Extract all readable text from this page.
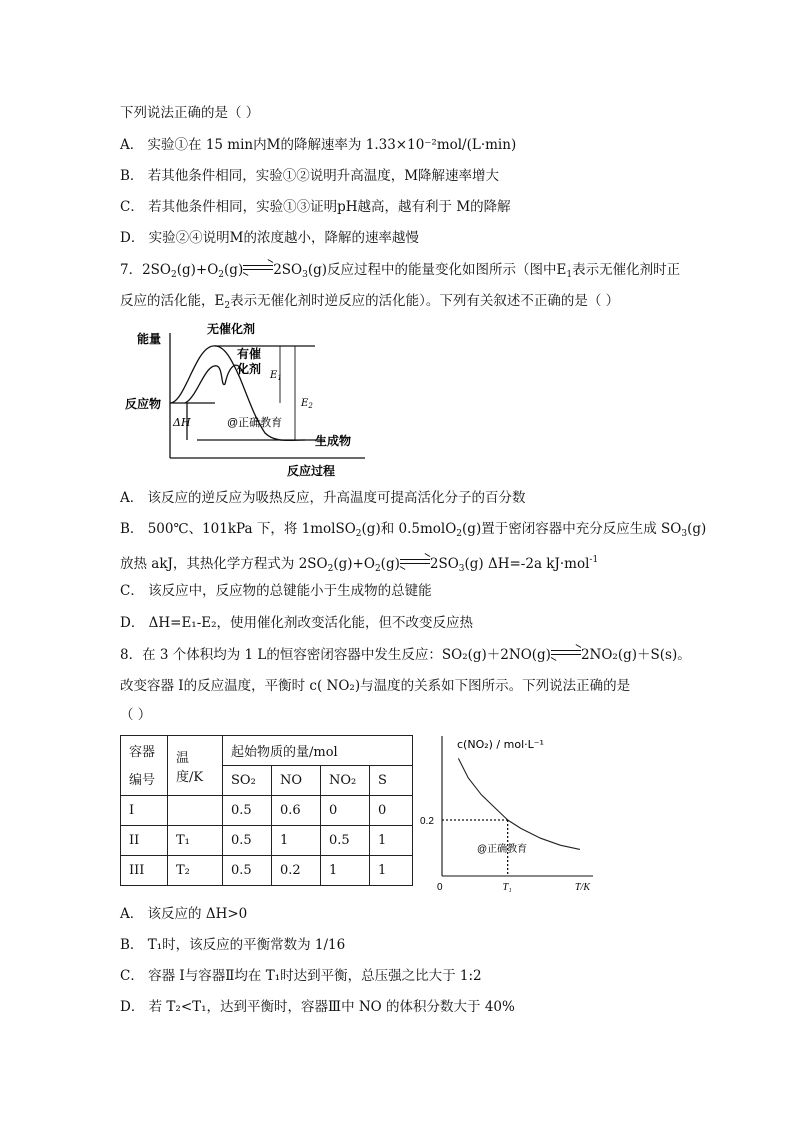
下列说法正确的是（ ）
A． 实验①在 15 min内M的降解速率为 1.33×10⁻²mol/(L·min)
B． 若其他条件相同，实验①②说明升高温度，M降解速率增大
C． 若其他条件相同，实验①③证明pH越高，越有利于 M的降解
D． 实验②④说明M的浓度越小，降解的速率越慢
7．$2SO_2(g)+O_2(g)$ $2SO_3(g)$反应过程中的能量变化如图所示（图中$E_1$表示无催化剂时正
反应的活化能，$E_2$表示无催化剂时逆反应的活化能）。下列有关叙述不正确的是（ ）
能量
无催化剂
有催
化剂
反应物
生成物
ΔH
$E_1$
$E_2$
@正确教育
反应过程
A． 该反应的逆反应为吸热反应，升高温度可提高活化分子的百分数
B． 500℃、101kPa 下，将 1molSO$_2$(g)和 0.5molO$_2$(g)置于密闭容器中充分反应生成 $SO_3(g)$
放热 akJ，其热化学方程式为 $2SO_2(g)+O_2(g)$ $2SO_3(g)$ ΔH=-2a kJ·mol$^{-1}$
C． 该反应中，反应物的总键能小于生成物的总键能
D． ΔH=E₁-E₂，使用催化剂改变活化能，但不改变反应热
8．在 3 个体积均为 1 L的恒容密闭容器中发生反应：SO₂(g)＋2NO(g) 2NO₂(g)＋S(s)。
改变容器 I的反应温度，平衡时 c( NO₂)与温度的关系如下图所示。下列说法正确的是
（ ）
容器
编号	温度/K	起始物质的量/mol			
		SO₂	NO	NO₂	S
I		0.5	0.6	0	0
II	T₁	0.5	1	0.5	1
III	T₂	0.5	0.2	1	1
c(NO₂) / mol·L⁻¹
0.2
0	T₁	T/K
@正确教育
A． 该反应的 ΔH>0
B． T₁时，该反应的平衡常数为 1/16
C． 容器 I与容器Ⅱ均在 T₁时达到平衡，总压强之比大于 1:2
D． 若 T₂<T₁，达到平衡时，容器Ⅲ中 NO 的体积分数大于 40%
